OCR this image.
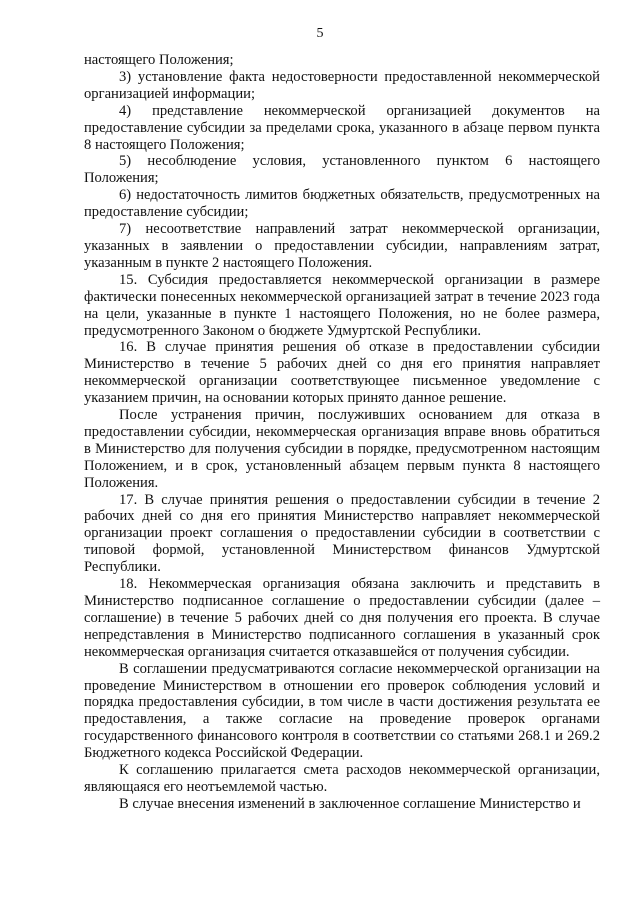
5

настоящего Положения;

3) установление факта недостоверности предоставленной некоммерческой организацией информации;

4) представление некоммерческой организацией документов на предоставление субсидии за пределами срока, указанного в абзаце первом пункта 8 настоящего Положения;

5) несоблюдение условия, установленного пунктом 6 настоящего Положения;

6) недостаточность лимитов бюджетных обязательств, предусмотренных на предоставление субсидии;

7) несоответствие направлений затрат некоммерческой организации, указанных в заявлении о предоставлении субсидии, направлениям затрат, указанным в пункте 2 настоящего Положения.

15. Субсидия предоставляется некоммерческой организации в размере фактически понесенных некоммерческой организацией затрат в течение 2023 года на цели, указанные в пункте 1 настоящего Положения, но не более размера, предусмотренного Законом о бюджете Удмуртской Республики.

16. В случае принятия решения об отказе в предоставлении субсидии Министерство в течение 5 рабочих дней со дня его принятия направляет некоммерческой организации соответствующее письменное уведомление с указанием причин, на основании которых принято данное решение.

После устранения причин, послуживших основанием для отказа в предоставлении субсидии, некоммерческая организация вправе вновь обратиться в Министерство для получения субсидии в порядке, предусмотренном настоящим Положением, и в срок, установленный абзацем первым пункта 8 настоящего Положения.

17. В случае принятия решения о предоставлении субсидии в течение 2 рабочих дней со дня его принятия Министерство направляет некоммерческой организации проект соглашения о предоставлении субсидии в соответствии с типовой формой, установленной Министерством финансов Удмуртской Республики.

18. Некоммерческая организация обязана заключить и представить в Министерство подписанное соглашение о предоставлении субсидии (далее – соглашение) в течение 5 рабочих дней со дня получения его проекта. В случае непредставления в Министерство подписанного соглашения в указанный срок некоммерческая организация считается отказавшейся от получения субсидии.

В соглашении предусматриваются согласие некоммерческой организации на проведение Министерством в отношении его проверок соблюдения условий и порядка предоставления субсидии, в том числе в части достижения результата ее предоставления, а также согласие на проведение проверок органами государственного финансового контроля в соответствии со статьями 268.1 и 269.2 Бюджетного кодекса Российской Федерации.

К соглашению прилагается смета расходов некоммерческой организации, являющаяся его неотъемлемой частью.

В случае внесения изменений в заключенное соглашение Министерство и
